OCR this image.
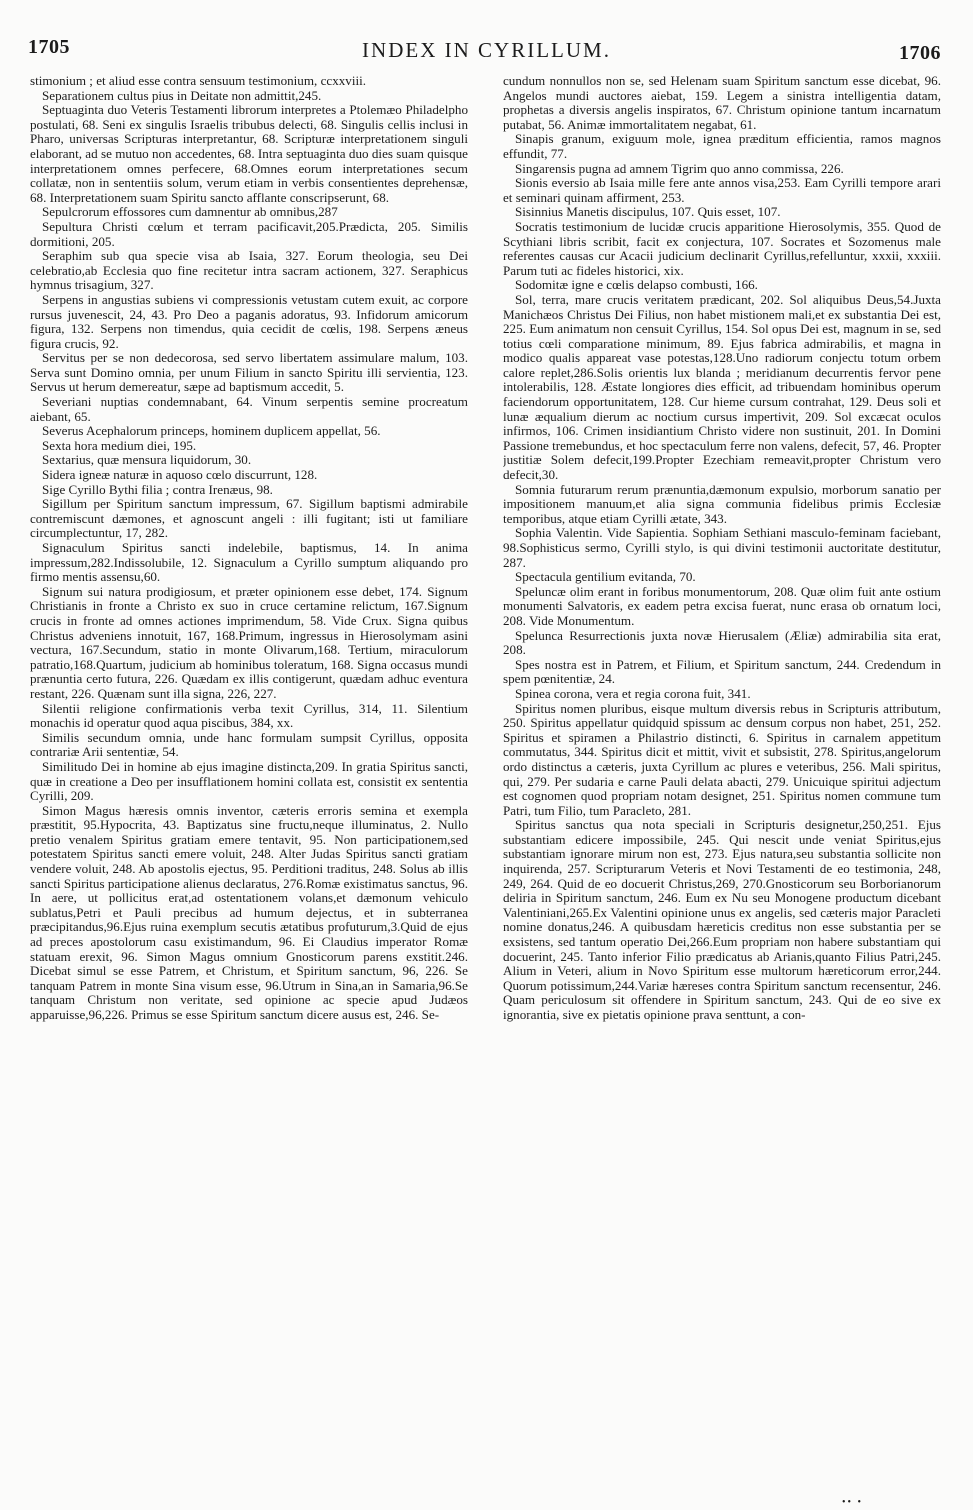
1705	INDEX IN CYRILLUM.	1706

stimonium ; et aliud esse contra sensuum testimonium, ccxxviii.

Separationem cultus pius in Deitate non admittit,245.

Septuaginta duo Veteris Testamenti librorum interpretes a Ptolemæo Philadelpho postulati, 68. Seni ex singulis Israelis tribubus delecti, 68. Singulis cellis inclusi in Pharo, universas Scripturas interpretantur, 68. Scripturæ interpretationem singuli elaborant, ad se mutuo non accedentes, 68. Intra septuaginta duo dies suam quisque interpretationem omnes perfecere, 68.Omnes eorum interpretationes secum collatæ, non in sententiis solum, verum etiam in verbis consentientes deprehensæ, 68. Interpretationem suam Spiritu sancto afflante conscripserunt, 68.

Sepulcrorum effossores cum damnentur ab omnibus,287

Sepultura Christi cœlum et terram pacificavit,205.Prædicta, 205. Similis dormitioni, 205.

Seraphim sub qua specie visa ab Isaia, 327. Eorum theologia, seu Dei celebratio,ab Ecclesia quo fine recitetur intra sacram actionem, 327. Seraphicus hymnus trisagium, 327.

Serpens in angustias subiens vi compressionis vetustam cutem exuit, ac corpore rursus juvenescit, 24, 43. Pro Deo a paganis adoratus, 93. Infidorum amicorum figura, 132. Serpens non timendus, quia cecidit de cœlis, 198. Serpens æneus figura crucis, 92.

Servitus per se non dedecorosa, sed servo libertatem assimulare malum, 103. Serva sunt Domino omnia, per unum Filium in sancto Spiritu illi servientia, 123. Servus ut herum demereatur, sæpe ad baptismum accedit, 5.

Severiani nuptias condemnabant, 64. Vinum serpentis semine procreatum aiebant, 65.

Severus Acephalorum princeps, hominem duplicem appellat, 56.

Sexta hora medium diei, 195.

Sextarius, quæ mensura liquidorum, 30.

Sidera igneæ naturæ in aquoso cœlo discurrunt, 128.

Sige Cyrillo Bythi filia ; contra Irenæus, 98.

Sigillum per Spiritum sanctum impressum, 67. Sigillum baptismi admirabile contremiscunt dæmones, et agnoscunt angeli : illi fugitant; isti ut familiare circumplectuntur, 17, 282.

Signaculum Spiritus sancti indelebile, baptismus, 14. In anima impressum,282.Indissolubile, 12. Signaculum a Cyrillo sumptum aliquando pro firmo mentis assensu,60.

Signum sui natura prodigiosum, et præter opinionem esse debet, 174. Signum Christianis in fronte a Christo ex suo in cruce certamine relictum, 167.Signum crucis in fronte ad omnes actiones imprimendum, 58. Vide Crux. Signa quibus Christus adveniens innotuit, 167, 168.Primum, ingressus in Hierosolymam asini vectura, 167.Secundum, statio in monte Olivarum,168. Tertium, miraculorum patratio,168.Quartum, judicium ab hominibus toleratum, 168. Signa occasus mundi prænuntia certo futura, 226. Quædam ex illis contigerunt, quædam adhuc eventura restant, 226. Quænam sunt illa signa, 226, 227.

Silentii religione confirmationis verba texit Cyrillus, 314, 11. Silentium monachis id operatur quod aqua piscibus, 384, xx.

Similis secundum omnia, unde hanc formulam sumpsit Cyrillus, opposita contrariæ Arii sententiæ, 54.

Similitudo Dei in homine ab ejus imagine distincta,209. In gratia Spiritus sancti, quæ in creatione a Deo per insufflationem homini collata est, consistit ex sententia Cyrilli, 209.

Simon Magus hæresis omnis inventor, cæteris erroris semina et exempla præstitit, 95.Hypocrita, 43. Baptizatus sine fructu,neque illuminatus, 2. Nullo pretio venalem Spiritus gratiam emere tentavit, 95. Non participationem,sed potestatem Spiritus sancti emere voluit, 248. Alter Judas Spiritus sancti gratiam vendere voluit, 248. Ab apostolis ejectus, 95. Perditioni traditus, 248. Solus ab illis sancti Spiritus participatione alienus declaratus, 276.Romæ existimatus sanctus, 96. In aere, ut pollicitus erat,ad ostentationem volans,et dæmonum vehiculo sublatus,Petri et Pauli precibus ad humum dejectus, et in subterranea præcipitandus,96.Ejus ruina exemplum secutis ætatibus profuturum,3.Quid de ejus ad preces apostolorum casu existimandum, 96. Ei Claudius imperator Romæ statuam erexit, 96. Simon Magus omnium Gnosticorum parens exstitit.246. Dicebat simul se esse Patrem, et Christum, et Spiritum sanctum, 96, 226. Se tanquam Patrem in monte Sina visum esse, 96.Utrum in Sina,an in Samaria,96.Se tanquam Christum non veritate, sed opinione ac specie apud Judæos apparuisse,96,226. Primus se esse Spiritum sanctum dicere ausus est, 246. Se-

cundum nonnullos non se, sed Helenam suam Spiritum sanctum esse dicebat, 96. Angelos mundi auctores aiebat, 159. Legem a sinistra intelligentia datam, prophetas a diversis angelis inspiratos, 67. Christum opinione tantum incarnatum putabat, 56. Animæ immortalitatem negabat, 61.

Sinapis granum, exiguum mole, ignea præditum efficientia, ramos magnos effundit, 77.

Singarensis pugna ad amnem Tigrim quo anno commissa, 226.

Sionis eversio ab Isaia mille fere ante annos visa,253. Eam Cyrilli tempore arari et seminari quinam affirment, 253.

Sisinnius Manetis discipulus, 107. Quis esset, 107.

Socratis testimonium de lucidæ crucis apparitione Hierosolymis, 355. Quod de Scythiani libris scribit, facit ex conjectura, 107. Socrates et Sozomenus male referentes causas cur Acacii judicium declinarit Cyrillus,refelluntur, xxxii, xxxiii. Parum tuti ac fideles historici, xix.

Sodomitæ igne e cœlis delapso combusti, 166.

Sol, terra, mare crucis veritatem prædicant, 202. Sol aliquibus Deus,54.Juxta Manichæos Christus Dei Filius, non habet mistionem mali,et ex substantia Dei est, 225. Eum animatum non censuit Cyrillus, 154. Sol opus Dei est, magnum in se, sed totius cœli comparatione minimum, 89. Ejus fabrica admirabilis, et magna in modico qualis appareat vase potestas,128.Uno radiorum conjectu totum orbem calore replet,286.Solis orientis lux blanda ; meridianum decurrentis fervor pene intolerabilis, 128. Æstate longiores dies efficit, ad tribuendam hominibus operum faciendorum opportunitatem, 128. Cur hieme cursum contrahat, 129. Deus soli et lunæ æqualium dierum ac noctium cursus impertivit, 209. Sol excæcat oculos infirmos, 106. Crimen insidiantium Christo videre non sustinuit, 201. In Domini Passione tremebundus, et hoc spectaculum ferre non valens, defecit, 57, 46. Propter justitiæ Solem defecit,199.Propter Ezechiam remeavit,propter Christum vero defecit,30.

Somnia futurarum rerum prænuntia,dæmonum expulsio, morborum sanatio per impositionem manuum,et alia signa communia fidelibus primis Ecclesiæ temporibus, atque etiam Cyrilli ætate, 343.

Sophia Valentin. Vide Sapientia. Sophiam Sethiani masculo-feminam faciebant, 98.Sophisticus sermo, Cyrilli stylo, is qui divini testimonii auctoritate destitutur, 287.

Spectacula gentilium evitanda, 70.

Speluncæ olim erant in foribus monumentorum, 208. Quæ olim fuit ante ostium monumenti Salvatoris, ex eadem petra excisa fuerat, nunc erasa ob ornatum loci, 208. Vide Monumentum.

Spelunca Resurrectionis juxta novæ Hierusalem (Æliæ) admirabilia sita erat, 208.

Spes nostra est in Patrem, et Filium, et Spiritum sanctum, 244. Credendum in spem pœnitentiæ, 24.

Spinea corona, vera et regia corona fuit, 341.

Spiritus nomen pluribus, eisque multum diversis rebus in Scripturis attributum, 250. Spiritus appellatur quidquid spissum ac densum corpus non habet, 251, 252. Spiritus et spiramen a Philastrio distincti, 6. Spiritus in carnalem appetitum commutatus, 344. Spiritus dicit et mittit, vivit et subsistit, 278. Spiritus,angelorum ordo distinctus a cæteris, juxta Cyrillum ac plures e veteribus, 256. Mali spiritus, qui, 279. Per sudaria e carne Pauli delata abacti, 279. Unicuique spiritui adjectum est cognomen quod propriam notam designet, 251. Spiritus nomen commune tum Patri, tum Filio, tum Paracleto, 281.

Spiritus sanctus qua nota speciali in Scripturis designetur,250,251. Ejus substantiam edicere impossibile, 245. Qui nescit unde veniat Spiritus,ejus substantiam ignorare mirum non est, 273. Ejus natura,seu substantia sollicite non inquirenda, 257. Scripturarum Veteris et Novi Testamenti de eo testimonia, 248, 249, 264. Quid de eo docuerit Christus,269, 270.Gnosticorum seu Borborianorum deliria in Spiritum sanctum, 246. Eum ex Nu seu Monogene productum dicebant Valentiniani,265.Ex Valentini opinione unus ex angelis, sed cæteris major Paracleti nomine donatus,246. A quibusdam hæreticis creditus non esse substantia per se exsistens, sed tantum operatio Dei,266.Eum propriam non habere substantiam qui docuerint, 245. Tanto inferior Filio prædicatus ab Arianis,quanto Filius Patri,245. Alium in Veteri, alium in Novo Spiritum esse multorum hæreticorum error,244. Quorum potissimum,244.Variæ hæreses contra Spiritum sanctum recensentur, 246. Quam periculosum sit offendere in Spiritum sanctum, 243. Qui de eo sive ex ignorantia, sive ex pietatis opinione prava senttunt, a con-

•• •
